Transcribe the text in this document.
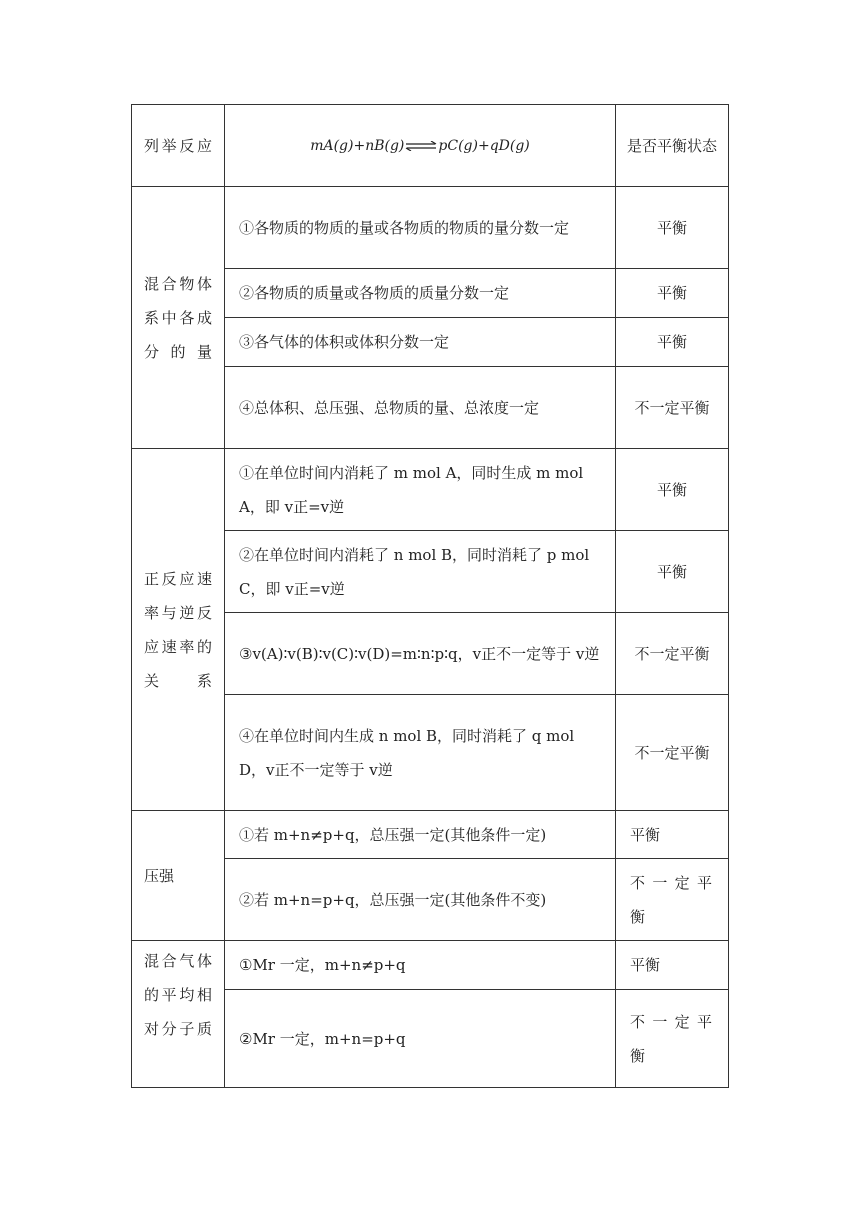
列举反应	mA(g)+nB(g)⇌pC(g)+qD(g)	是否平衡状态
混合物体系中各成分的量	①各物质的物质的量或各物质的物质的量分数一定	平衡
	②各物质的质量或各物质的质量分数一定	平衡
	③各气体的体积或体积分数一定	平衡
	④总体积、总压强、总物质的量、总浓度一定	不一定平衡
正反应速率与逆反应速率的关系	①在单位时间内消耗了 m mol A，同时生成 m mol A，即 v正=v逆	平衡
	②在单位时间内消耗了 n mol B，同时消耗了 p mol C，即 v正=v逆	平衡
	③v(A)∶v(B)∶v(C)∶v(D)=m∶n∶p∶q，v正不一定等于 v逆	不一定平衡
	④在单位时间内生成 n mol B，同时消耗了 q mol D，v正不一定等于 v逆	不一定平衡
压强	①若 m+n≠p+q，总压强一定(其他条件一定)	平衡
	②若 m+n=p+q，总压强一定(其他条件不变)	不一定平衡
混合气体的平均相对分子质	①Mr 一定，m+n≠p+q	平衡
	②Mr 一定，m+n=p+q	不一定平衡
